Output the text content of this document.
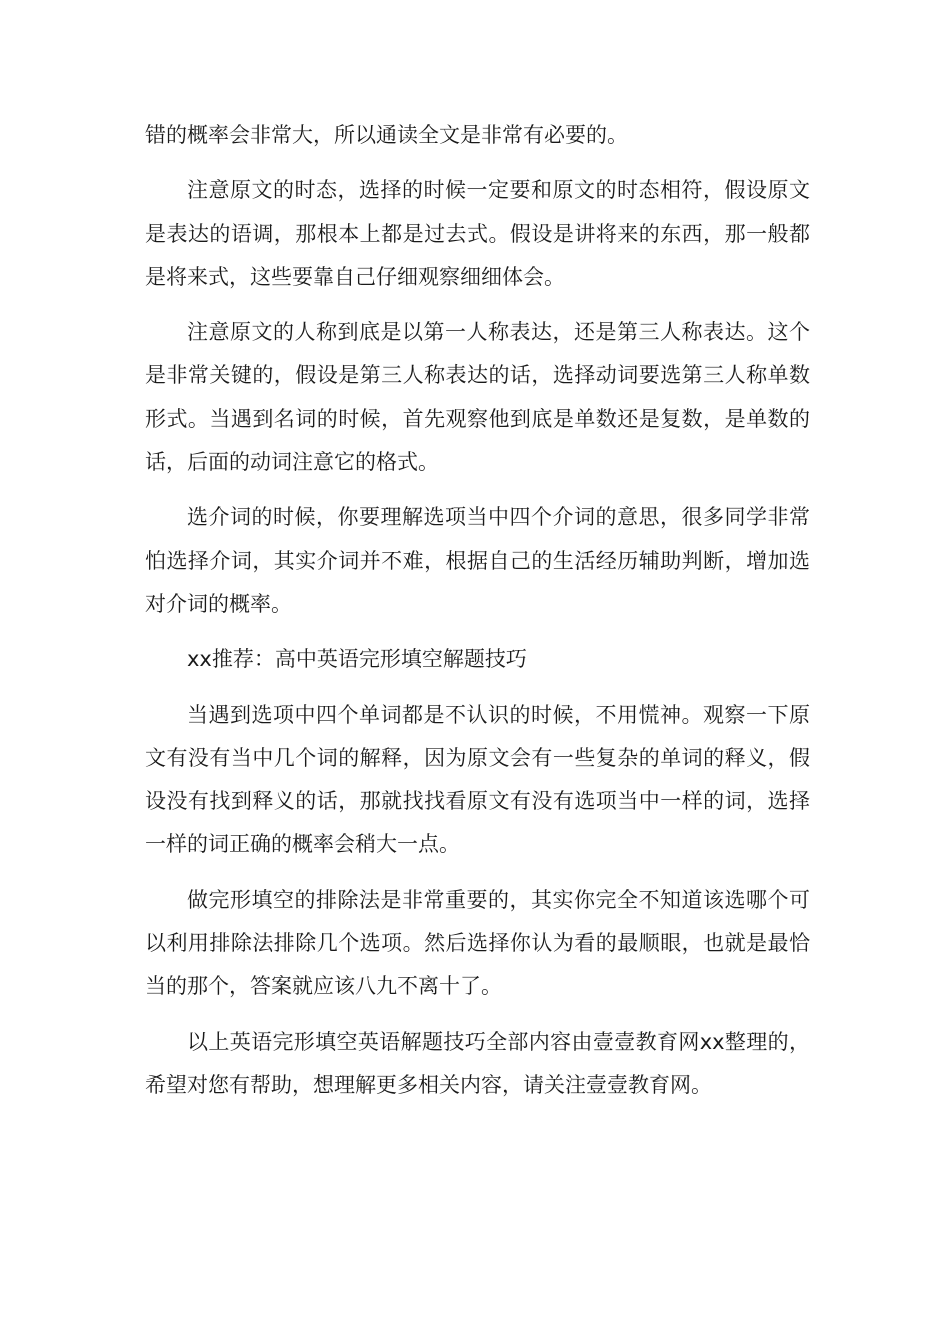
错的概率会非常大，所以通读全文是非常有必要的。

注意原文的时态，选择的时候一定要和原文的时态相符，假设原文是表达的语调，那根本上都是过去式。假设是讲将来的东西，那一般都是将来式，这些要靠自己仔细观察细细体会。

注意原文的人称到底是以第一人称表达，还是第三人称表达。这个是非常关键的，假设是第三人称表达的话，选择动词要选第三人称单数形式。当遇到名词的时候，首先观察他到底是单数还是复数，是单数的话，后面的动词注意它的格式。

选介词的时候，你要理解选项当中四个介词的意思，很多同学非常怕选择介词，其实介词并不难，根据自己的生活经历辅助判断，增加选对介词的概率。

xx推荐：高中英语完形填空解题技巧

当遇到选项中四个单词都是不认识的时候，不用慌神。观察一下原文有没有当中几个词的解释，因为原文会有一些复杂的单词的释义，假设没有找到释义的话，那就找找看原文有没有选项当中一样的词，选择一样的词正确的概率会稍大一点。

做完形填空的排除法是非常重要的，其实你完全不知道该选哪个可以利用排除法排除几个选项。然后选择你认为看的最顺眼，也就是最恰当的那个，答案就应该八九不离十了。

以上英语完形填空英语解题技巧全部内容由壹壹教育网xx整理的，希望对您有帮助，想理解更多相关内容，请关注壹壹教育网。
